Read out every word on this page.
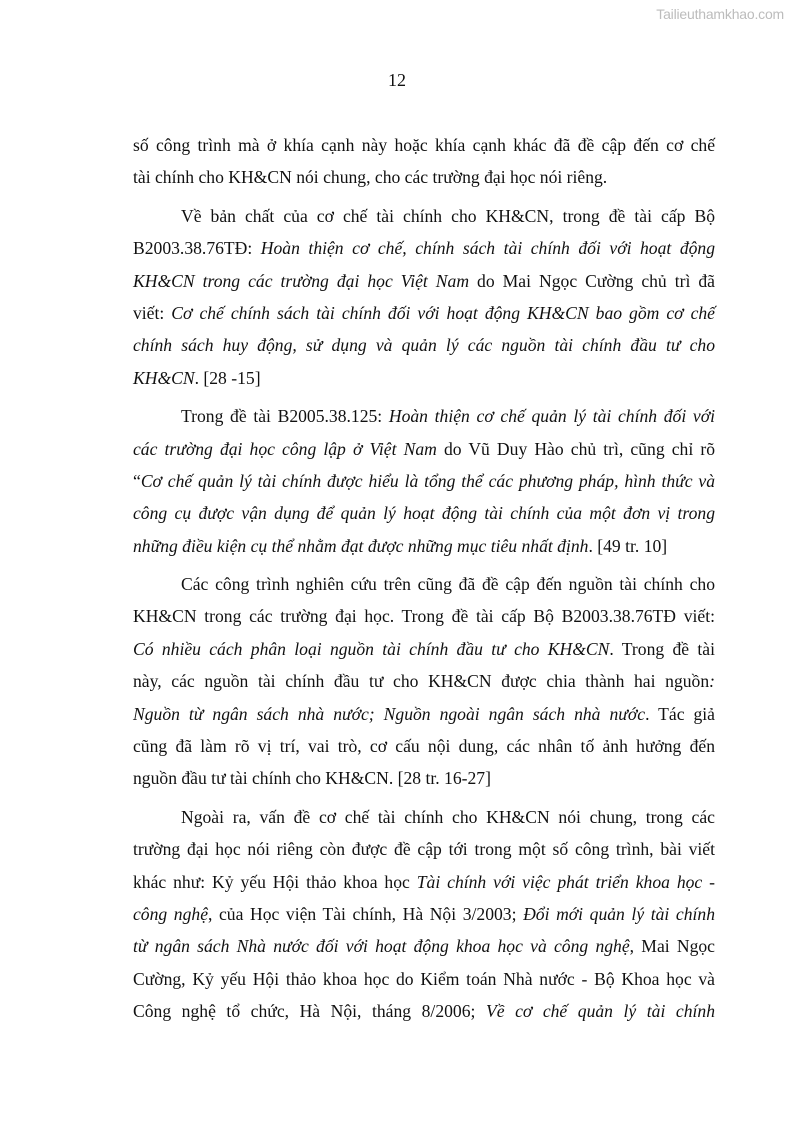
Tailieuthamkhao.com
12
số công trình mà ở khía cạnh này hoặc khía cạnh khác đã đề cập đến cơ chế
tài chính cho KH&CN nói chung, cho các trường đại học nói riêng.
Về bản chất của cơ chế tài chính cho KH&CN, trong đề tài cấp Bộ
B2003.38.76TĐ: Hoàn thiện cơ chế, chính sách tài chính đối với hoạt động
KH&CN trong các trường đại học Việt Nam do Mai Ngọc Cường chủ trì đã
viết: Cơ chế chính sách tài chính đối với hoạt động KH&CN bao gồm cơ chế
chính sách huy động, sử dụng và quản lý các nguồn tài chính đầu tư cho
KH&CN. [28 -15]
Trong đề tài B2005.38.125: Hoàn thiện cơ chế quản lý tài chính đối với
các trường đại học công lập ở Việt Nam do Vũ Duy Hào chủ trì, cũng chỉ rõ
“Cơ chế quản lý tài chính được hiểu là tổng thể các phương pháp, hình thức và
công cụ được vận dụng để quản lý hoạt động tài chính của một đơn vị trong
những điều kiện cụ thể nhằm đạt được những mục tiêu nhất định. [49 tr. 10]
Các công trình nghiên cứu trên cũng đã đề cập đến nguồn tài chính cho
KH&CN trong các trường đại học. Trong đề tài cấp Bộ B2003.38.76TĐ viết:
Có nhiều cách phân loại nguồn tài chính đầu tư cho KH&CN. Trong đề tài
này, các nguồn tài chính đầu tư cho KH&CN được chia thành hai nguồn:
Nguồn từ ngân sách nhà nước; Nguồn ngoài ngân sách nhà nước. Tác giả
cũng đã làm rõ vị trí, vai trò, cơ cấu nội dung, các nhân tố ảnh hưởng đến
nguồn đầu tư tài chính cho KH&CN. [28 tr. 16-27]
Ngoài ra, vấn đề cơ chế tài chính cho KH&CN nói chung, trong các
trường đại học nói riêng còn được đề cập tới trong một số công trình, bài viết
khác như: Kỷ yếu Hội thảo khoa học Tài chính với việc phát triển khoa học -
công nghệ, của Học viện Tài chính, Hà Nội 3/2003; Đổi mới quản lý tài chính
từ ngân sách Nhà nước đối với hoạt động khoa học và công nghệ, Mai Ngọc
Cường, Kỷ yếu Hội thảo khoa học do Kiểm toán Nhà nước - Bộ Khoa học và
Công nghệ tổ chức, Hà Nội, tháng 8/2006; Về cơ chế quản lý tài chính
